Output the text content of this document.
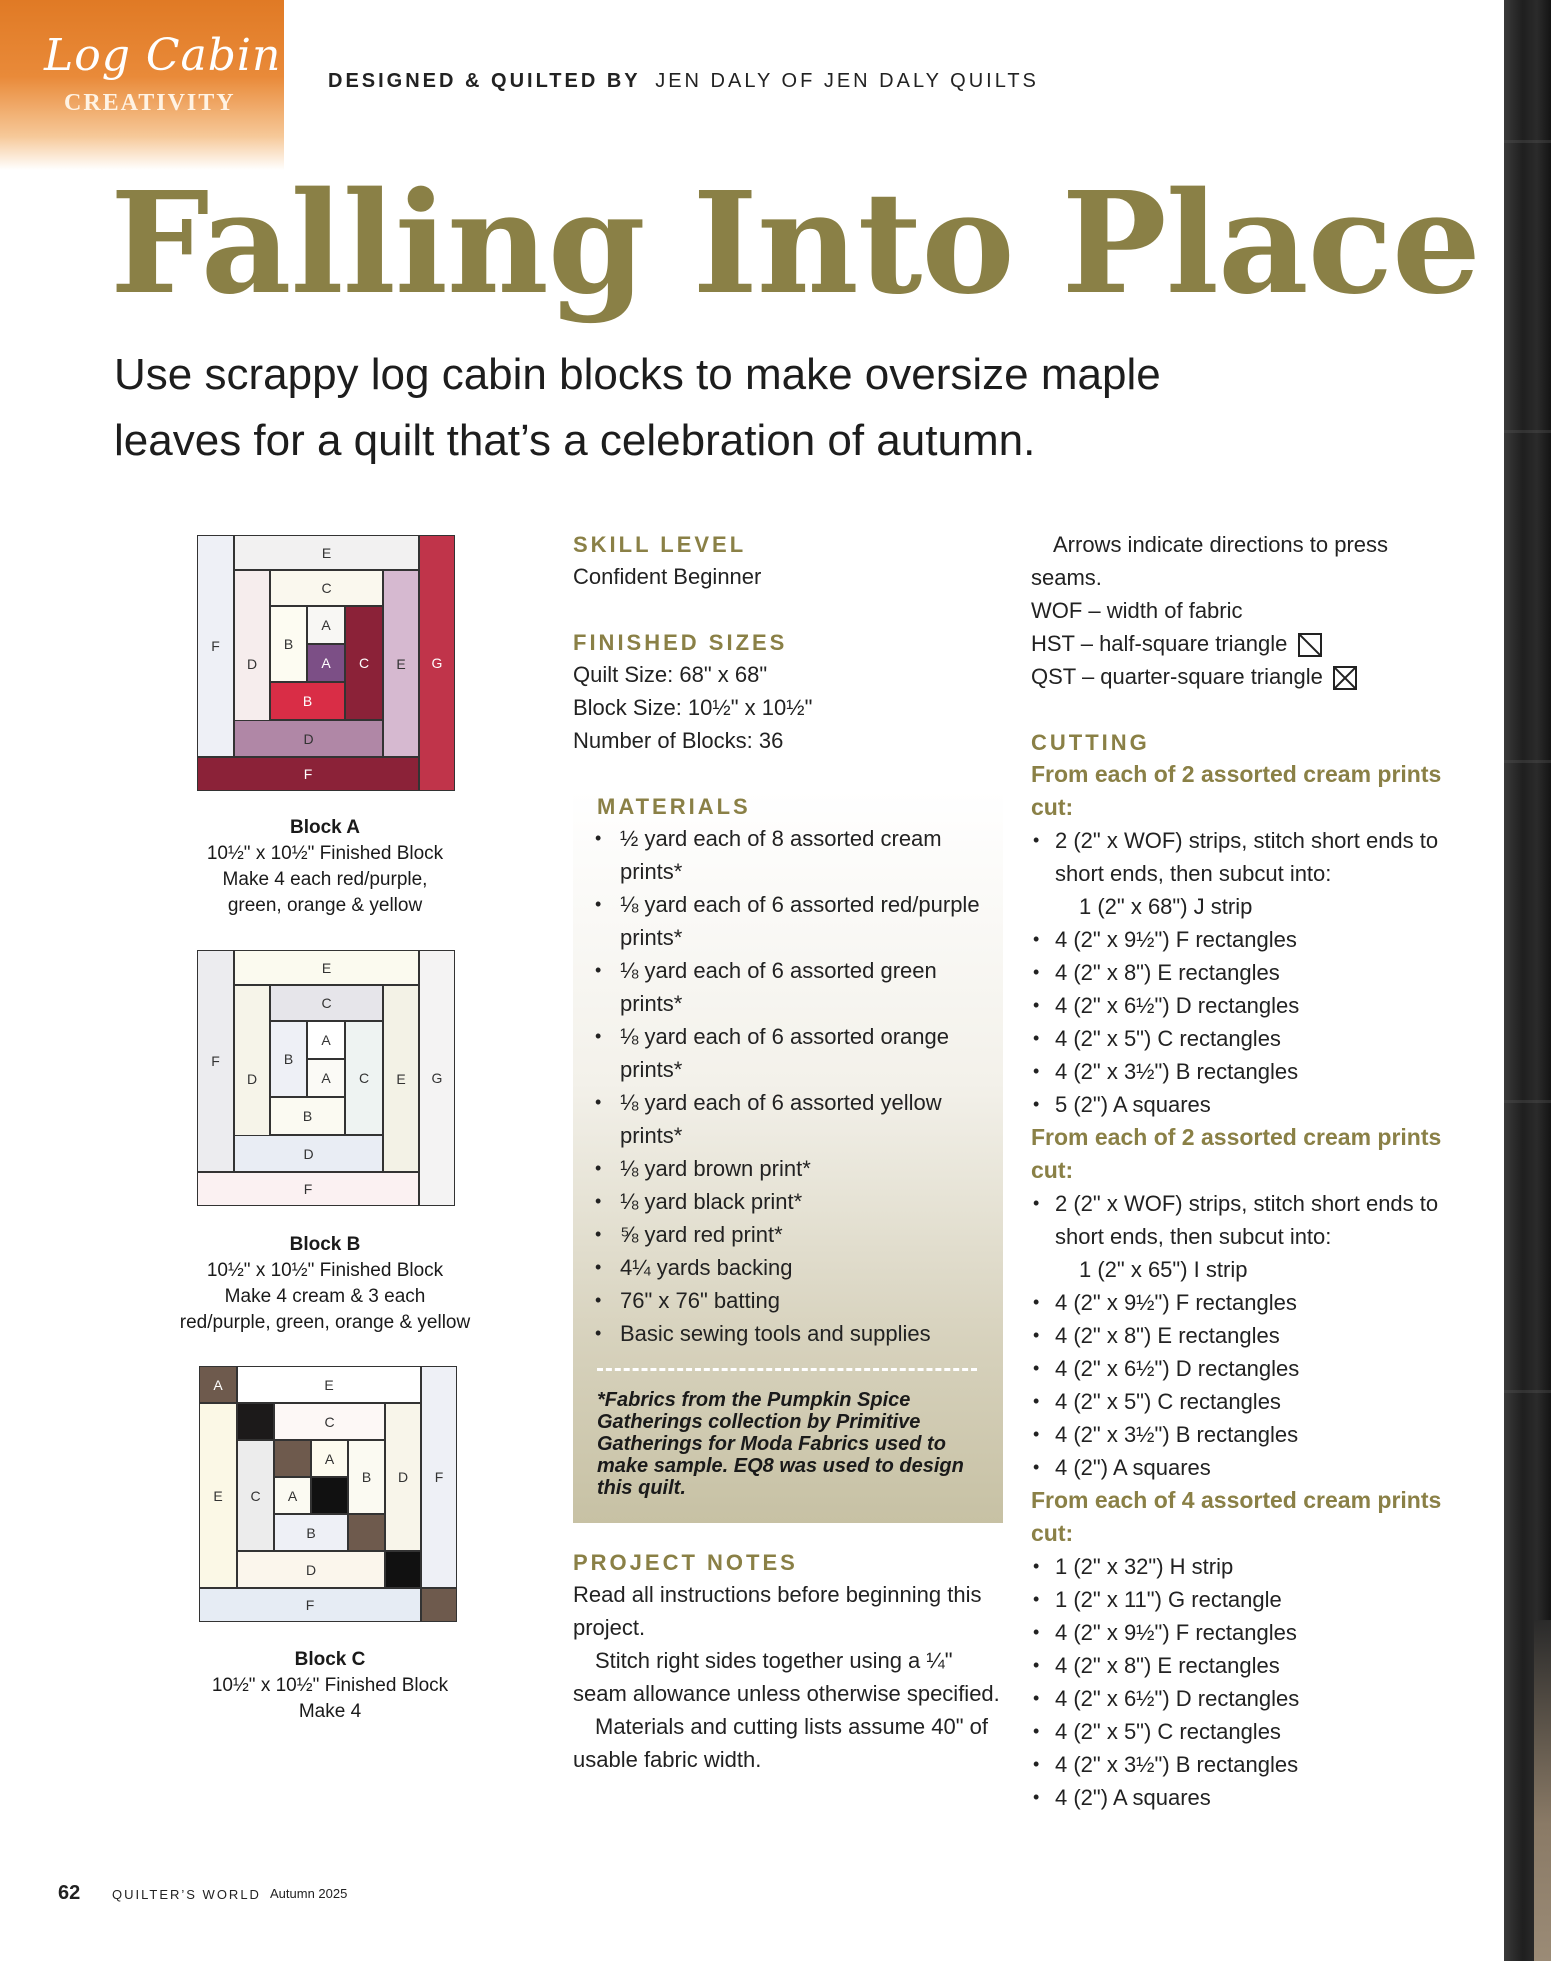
Log Cabin
CREATIVITY
DESIGNED & QUILTED BY JEN DALY OF JEN DALY QUILTS
Falling Into Place
Use scrappy log cabin blocks to make oversize maple leaves for a quilt that’s a celebration of autumn.
F
E
D
C
B
A
A	C
B
E
D
G
F
Block A
10½" x 10½" Finished Block
Make 4 each red/purple,
green, orange & yellow
F
E
D
C
B
A
A	C
B
E
D
G
F
Block B
10½" x 10½" Finished Block
Make 4 cream & 3 each
red/purple, green, orange & yellow
A	E
E
C
C
A
A
B
B
D
D
F
F
Block C
10½" x 10½" Finished Block
Make 4
SKILL LEVEL
Confident Beginner
FINISHED SIZES
Quilt Size: 68" x 68"
Block Size: 10½" x 10½"
Number of Blocks: 36
MATERIALS
• ½ yard each of 8 assorted cream prints*
• ⅛ yard each of 6 assorted red/purple prints*
• ⅛ yard each of 6 assorted green prints*
• ⅛ yard each of 6 assorted orange prints*
• ⅛ yard each of 6 assorted yellow prints*
• ⅛ yard brown print*
• ⅛ yard black print*
• ⅝ yard red print*
• 4¼ yards backing
• 76" x 76" batting
• Basic sewing tools and supplies
*Fabrics from the Pumpkin Spice Gatherings collection by Primitive Gatherings for Moda Fabrics used to make sample. EQ8 was used to design this quilt.
PROJECT NOTES
Read all instructions before beginning this project.
Stitch right sides together using a ¼" seam allowance unless otherwise specified.
Materials and cutting lists assume 40" of usable fabric width.
Arrows indicate directions to press seams.
WOF – width of fabric
HST – half-square triangle
QST – quarter-square triangle
CUTTING
From each of 2 assorted cream prints cut:
• 2 (2" x WOF) strips, stitch short ends to short ends, then subcut into:
1 (2" x 68") J strip
• 4 (2" x 9½") F rectangles
• 4 (2" x 8") E rectangles
• 4 (2" x 6½") D rectangles
• 4 (2" x 5") C rectangles
• 4 (2" x 3½") B rectangles
• 5 (2") A squares
From each of 2 assorted cream prints cut:
• 2 (2" x WOF) strips, stitch short ends to short ends, then subcut into:
1 (2" x 65") I strip
• 4 (2" x 9½") F rectangles
• 4 (2" x 8") E rectangles
• 4 (2" x 6½") D rectangles
• 4 (2" x 5") C rectangles
• 4 (2" x 3½") B rectangles
• 4 (2") A squares
From each of 4 assorted cream prints cut:
• 1 (2" x 32") H strip
• 1 (2" x 11") G rectangle
• 4 (2" x 9½") F rectangles
• 4 (2" x 8") E rectangles
• 4 (2" x 6½") D rectangles
• 4 (2" x 5") C rectangles
• 4 (2" x 3½") B rectangles
• 4 (2") A squares
62 QUILTER’S WORLD Autumn 2025
